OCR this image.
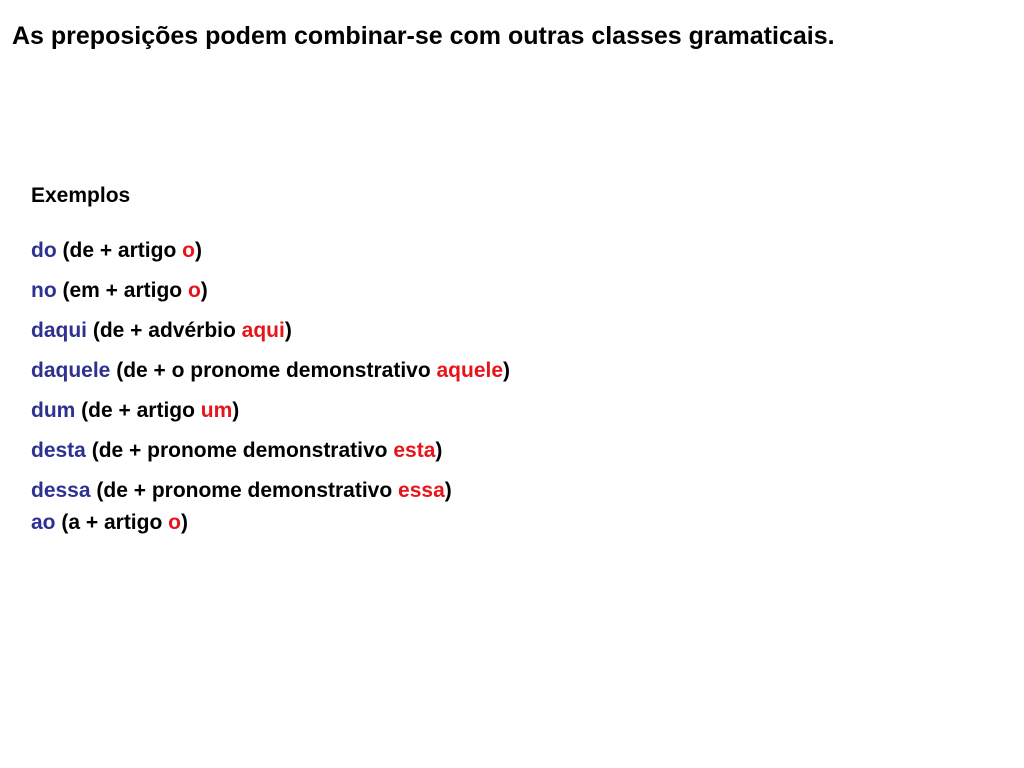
As preposições podem combinar-se com outras classes gramaticais.
Exemplos
do (de + artigo o)
no (em + artigo o)
daqui (de + advérbio aqui)
daquele (de + o pronome demonstrativo aquele)
dum (de + artigo um)
desta (de + pronome demonstrativo esta)
dessa (de + pronome demonstrativo essa)
ao (a + artigo o)
